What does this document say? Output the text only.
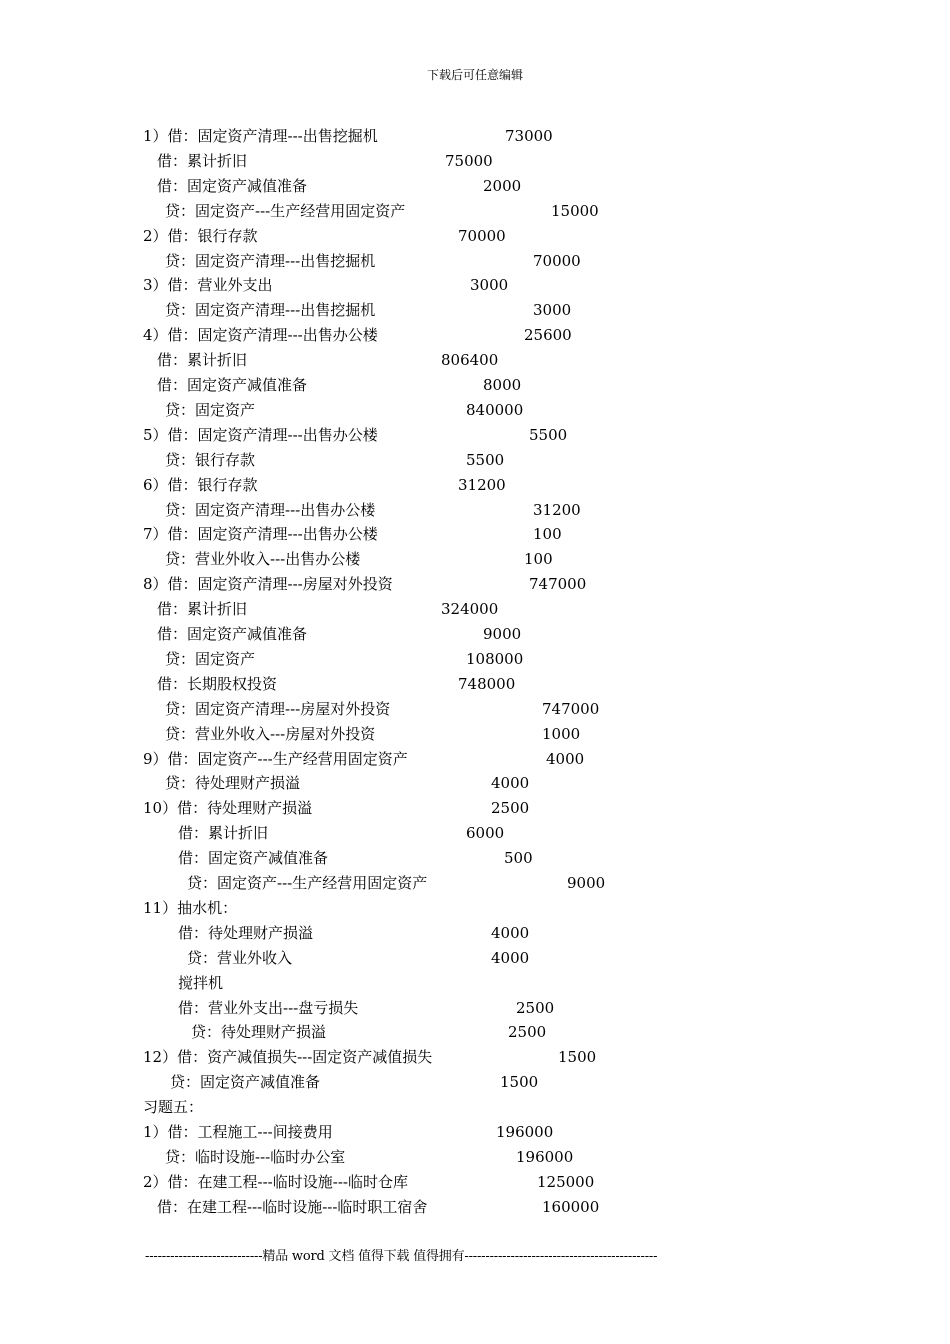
下载后可任意编辑
1）借：固定资产清理---出售挖掘机	73000
借：累计折旧	75000
借：固定资产减值准备	2000
贷：固定资产---生产经营用固定资产	15000
2）借：银行存款	70000
贷：固定资产清理---出售挖掘机	70000
3）借：营业外支出	3000
贷：固定资产清理---出售挖掘机	3000
4）借：固定资产清理---出售办公楼	25600
借：累计折旧	806400
借：固定资产减值准备	8000
贷：固定资产	840000
5）借：固定资产清理---出售办公楼	5500
贷：银行存款	5500
6）借：银行存款	31200
贷：固定资产清理---出售办公楼	31200
7）借：固定资产清理---出售办公楼	100
贷：营业外收入---出售办公楼	100
8）借：固定资产清理---房屋对外投资	747000
借：累计折旧	324000
借：固定资产减值准备	9000
贷：固定资产	108000
借：长期股权投资	748000
贷：固定资产清理---房屋对外投资	747000
贷：营业外收入---房屋对外投资	1000
9）借：固定资产---生产经营用固定资产	4000
贷：待处理财产损溢	4000
10）借：待处理财产损溢	2500
借：累计折旧	6000
借：固定资产减值准备	500
贷：固定资产---生产经营用固定资产	9000
11）抽水机：
借：待处理财产损溢	4000
贷：营业外收入	4000
搅拌机
借：营业外支出---盘亏损失	2500
贷：待处理财产损溢	2500
12）借：资产减值损失---固定资产减值损失	1500
贷：固定资产减值准备	1500
习题五：
1）借：工程施工---间接费用	196000
贷：临时设施---临时办公室	196000
2）借：在建工程---临时设施---临时仓库	125000
借：在建工程---临时设施---临时职工宿舍	160000
----------------------------精品 word 文档 值得下载 值得拥有----------------------------------------------
